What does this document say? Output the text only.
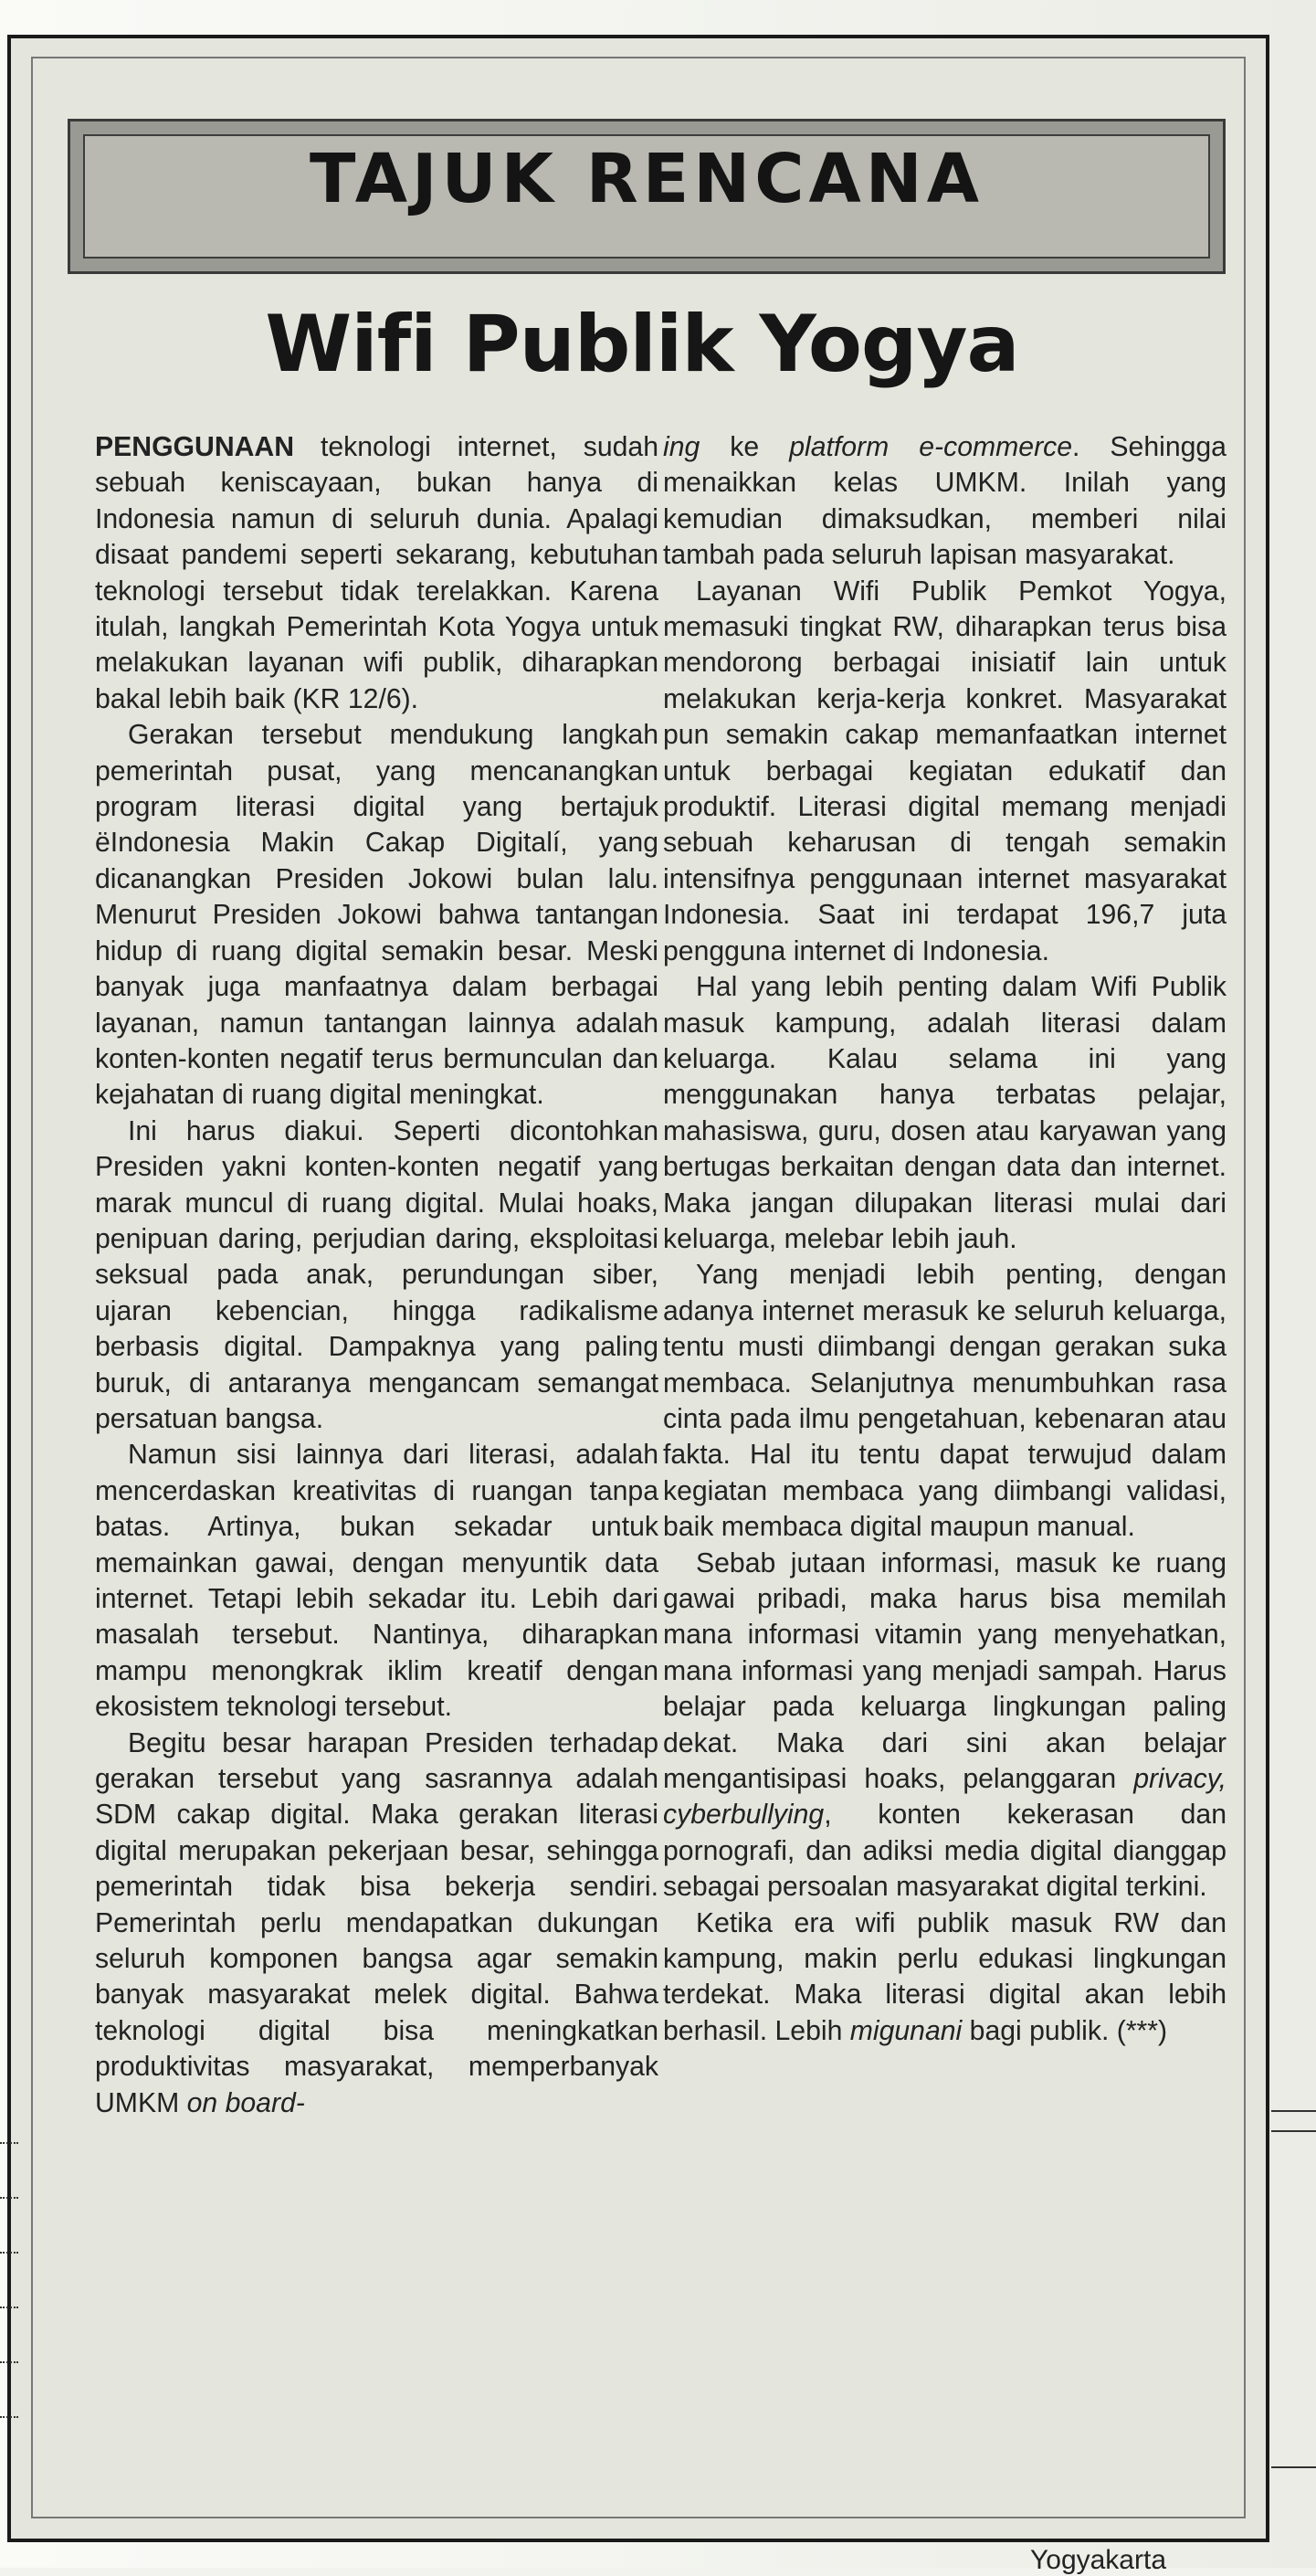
TAJUK RENCANA
Wifi Publik Yogya

PENGGUNAAN teknologi internet, sudah sebuah keniscayaan, bukan hanya di Indonesia namun di seluruh dunia. Apalagi disaat pandemi seperti sekarang, kebutuhan teknologi tersebut tidak terelakkan. Karena itulah, langkah Pemerintah Kota Yogya untuk melakukan layanan wifi publik, diharapkan bakal lebih baik (KR 12/6).

Gerakan tersebut mendukung langkah pemerintah pusat, yang mencanangkan program literasi digital yang bertajuk ëIndonesia Makin Cakap Digitalí, yang dicanangkan Presiden Jokowi bulan lalu. Menurut Presiden Jokowi bahwa tantangan hidup di ruang digital semakin besar. Meski banyak juga manfaatnya dalam berbagai layanan, namun tantangan lainnya adalah konten-konten negatif terus bermunculan dan kejahatan di ruang digital meningkat.

Ini harus diakui. Seperti dicontohkan Presiden yakni konten-konten negatif yang marak muncul di ruang digital. Mulai hoaks, penipuan daring, perjudian daring, eksploitasi seksual pada anak, perundungan siber, ujaran kebencian, hingga radikalisme berbasis digital. Dampaknya yang paling buruk, di antaranya mengancam semangat persatuan bangsa.

Namun sisi lainnya dari literasi, adalah mencerdaskan kreativitas di ruangan tanpa batas. Artinya, bukan sekadar untuk memainkan gawai, dengan menyuntik data internet. Tetapi lebih sekadar itu. Lebih dari masalah tersebut. Nantinya, diharapkan mampu menongkrak iklim kreatif dengan ekosistem teknologi tersebut.

Begitu besar harapan Presiden terhadap gerakan tersebut yang sasrannya adalah SDM cakap digital. Maka gerakan literasi digital merupakan pekerjaan besar, sehingga pemerintah tidak bisa bekerja sendiri. Pemerintah perlu mendapatkan dukungan seluruh komponen bangsa agar semakin banyak masyarakat melek digital. Bahwa teknologi digital bisa meningkatkan produktivitas masyarakat, memperbanyak UMKM on board-

ing ke platform e-commerce. Sehingga menaikkan kelas UMKM. Inilah yang kemudian dimaksudkan, memberi nilai tambah pada seluruh lapisan masyarakat.

Layanan Wifi Publik Pemkot Yogya, memasuki tingkat RW, diharapkan terus bisa mendorong berbagai inisiatif lain untuk melakukan kerja-kerja konkret. Masyarakat pun semakin cakap memanfaatkan internet untuk berbagai kegiatan edukatif dan produktif. Literasi digital memang menjadi sebuah keharusan di tengah semakin intensifnya penggunaan internet masyarakat Indonesia. Saat ini terdapat 196,7 juta pengguna internet di Indonesia.

Hal yang lebih penting dalam Wifi Publik masuk kampung, adalah literasi dalam keluarga. Kalau selama ini yang menggunakan hanya terbatas pelajar, mahasiswa, guru, dosen atau karyawan yang bertugas berkaitan dengan data dan internet. Maka jangan dilupakan literasi mulai dari keluarga, melebar lebih jauh.

Yang menjadi lebih penting, dengan adanya internet merasuk ke seluruh keluarga, tentu musti diimbangi dengan gerakan suka membaca. Selanjutnya menumbuhkan rasa cinta pada ilmu pengetahuan, kebenaran atau fakta. Hal itu tentu dapat terwujud dalam kegiatan membaca yang diimbangi validasi, baik membaca digital maupun manual.

Sebab jutaan informasi, masuk ke ruang gawai pribadi, maka harus bisa memilah mana informasi vitamin yang menyehatkan, mana informasi yang menjadi sampah. Harus belajar pada keluarga lingkungan paling dekat. Maka dari sini akan belajar mengantisipasi hoaks, pelanggaran privacy, cyberbullying, konten kekerasan dan pornografi, dan adiksi media digital dianggap sebagai persoalan masyarakat digital terkini.

Ketika era wifi publik masuk RW dan kampung, makin perlu edukasi lingkungan terdekat. Maka literasi digital akan lebih berhasil. Lebih migunani bagi publik. (***)

Yogyakarta
